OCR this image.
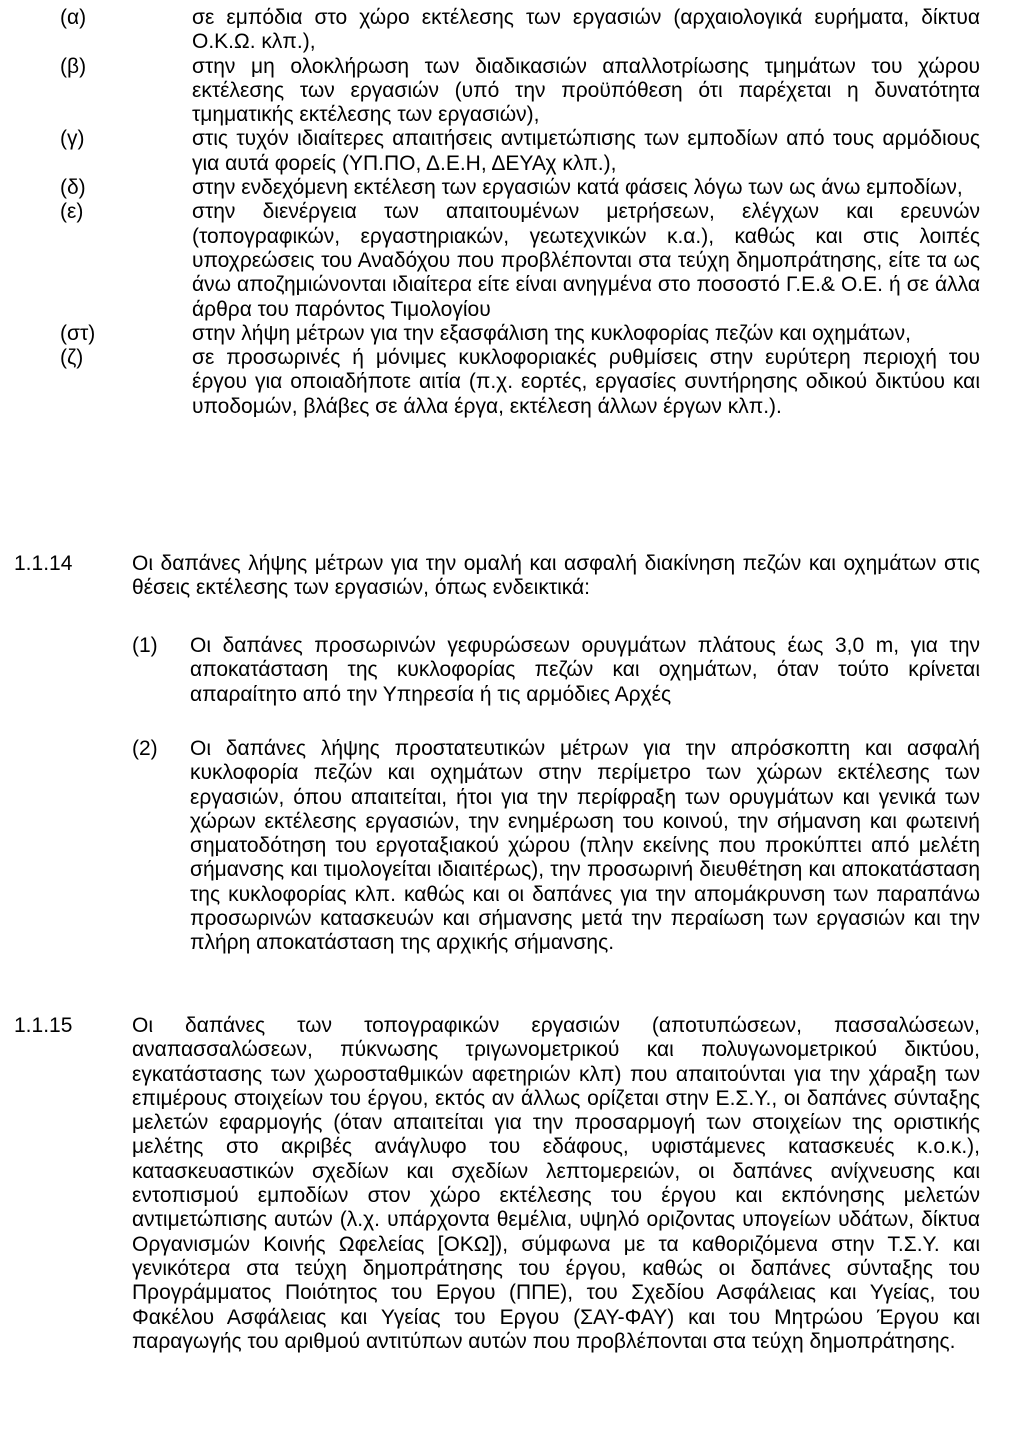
(α)	σε εμπόδια στο χώρο εκτέλεσης των εργασιών (αρχαιολογικά ευρήματα, δίκτυα Ο.Κ.Ω. κλπ.),
(β)	στην μη ολοκλήρωση των διαδικασιών απαλλοτρίωσης τμημάτων του χώρου εκτέλεσης των εργασιών (υπό την προϋπόθεση ότι παρέχεται η δυνατότητα τμηματικής εκτέλεσης των εργασιών),
(γ)	στις τυχόν ιδιαίτερες απαιτήσεις αντιμετώπισης των εμποδίων από τους αρμόδιους για αυτά φορείς (ΥΠ.ΠΟ, Δ.Ε.Η, ΔΕΥΑχ κλπ.),
(δ)	στην ενδεχόμενη εκτέλεση των εργασιών κατά φάσεις λόγω των ως άνω εμποδίων,
(ε)	στην διενέργεια των απαιτουμένων μετρήσεων, ελέγχων και ερευνών (τοπογραφικών, εργαστηριακών, γεωτεχνικών κ.α.), καθώς και στις λοιπές υποχρεώσεις του Αναδόχου που προβλέπονται στα τεύχη δημοπράτησης, είτε τα ως άνω αποζημιώνονται ιδιαίτερα είτε είναι ανηγμένα στο ποσοστό Γ.Ε.& Ο.Ε. ή σε άλλα άρθρα του παρόντος Τιμολογίου
(στ)	στην λήψη μέτρων για την εξασφάλιση της κυκλοφορίας πεζών και οχημάτων,
(ζ)	σε προσωρινές ή μόνιμες κυκλοφοριακές ρυθμίσεις στην ευρύτερη περιοχή του έργου για οποιαδήποτε αιτία (π.χ. εορτές, εργασίες συντήρησης οδικού δικτύου και υποδομών, βλάβες σε άλλα έργα, εκτέλεση άλλων έργων κλπ.).
1.1.14	Οι δαπάνες λήψης μέτρων για την ομαλή και ασφαλή διακίνηση πεζών και οχημάτων στις θέσεις εκτέλεσης των εργασιών, όπως ενδεικτικά:
(1) Οι δαπάνες προσωρινών γεφυρώσεων ορυγμάτων πλάτους έως 3,0 m, για την αποκατάσταση της κυκλοφορίας πεζών και οχημάτων, όταν τούτο κρίνεται απαραίτητο από την Υπηρεσία ή τις αρμόδιες Αρχές
(2) Οι δαπάνες λήψης προστατευτικών μέτρων για την απρόσκοπτη και ασφαλή κυκλοφορία πεζών και οχημάτων στην περίμετρο των χώρων εκτέλεσης των εργασιών, όπου απαιτείται, ήτοι για την περίφραξη των ορυγμάτων και γενικά των χώρων εκτέλεσης εργασιών, την ενημέρωση του κοινού, την σήμανση και φωτεινή σηματοδότηση του εργοταξιακού χώρου (πλην εκείνης που προκύπτει από μελέτη σήμανσης και τιμολογείται ιδιαιτέρως), την προσωρινή διευθέτηση και αποκατάσταση της κυκλοφορίας κλπ. καθώς και οι δαπάνες για την απομάκρυνση των παραπάνω προσωρινών κατασκευών και σήμανσης μετά την περαίωση των εργασιών και την πλήρη αποκατάσταση της αρχικής σήμανσης.
1.1.15	Οι δαπάνες των τοπογραφικών εργασιών (αποτυπώσεων, πασσαλώσεων, αναπασσαλώσεων, πύκνωσης τριγωνομετρικού και πολυγωνομετρικού δικτύου, εγκατάστασης των χωροσταθμικών αφετηριών κλπ) που απαιτούνται για την χάραξη των επιμέρους στοιχείων του έργου, εκτός αν άλλως ορίζεται στην Ε.Σ.Υ., οι δαπάνες σύνταξης μελετών εφαρμογής (όταν απαιτείται για την προσαρμογή των στοιχείων της οριστικής μελέτης στο ακριβές ανάγλυφο του εδάφους, υφιστάμενες κατασκευές κ.ο.κ.), κατασκευαστικών σχεδίων και σχεδίων λεπτομερειών, οι δαπάνες ανίχνευσης και εντοπισμού εμποδίων στον χώρο εκτέλεσης του έργου και εκπόνησης μελετών αντιμετώπισης αυτών (λ.χ. υπάρχοντα θεμέλια, υψηλό οριζοντας υπογείων υδάτων, δίκτυα Οργανισμών Κοινής Ωφελείας [ΟΚΩ]), σύμφωνα με τα καθοριζόμενα στην Τ.Σ.Υ. και γενικότερα στα τεύχη δημοπράτησης του έργου, καθώς οι δαπάνες σύνταξης του Προγράμματος Ποιότητος του Εργου (ΠΠΕ), του Σχεδίου Ασφάλειας και Υγείας, του Φακέλου Ασφάλειας και Υγείας του Εργου (ΣΑΥ-ΦΑΥ) και του Μητρώου Έργου και παραγωγής του αριθμού αντιτύπων αυτών που προβλέπονται στα τεύχη δημοπράτησης.
